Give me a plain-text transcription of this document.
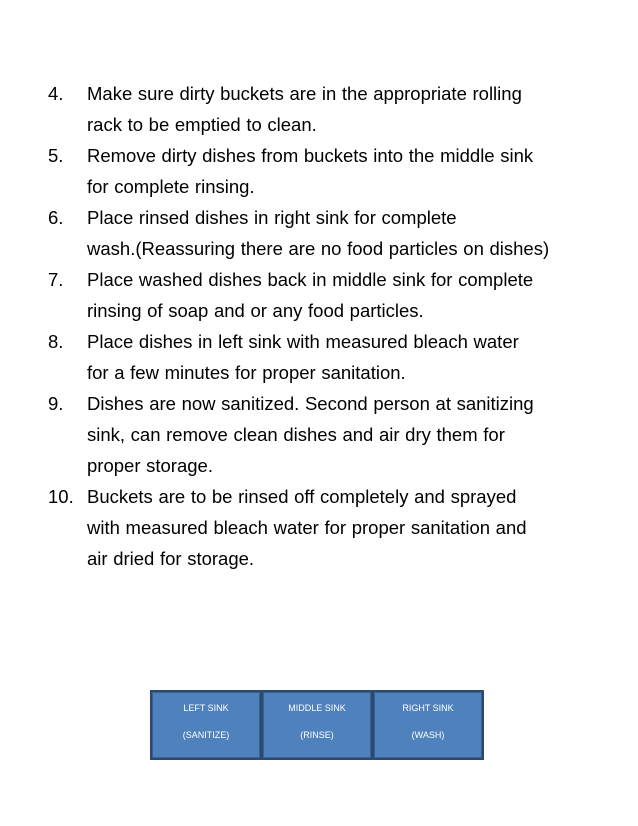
4. Make sure dirty buckets are in the appropriate rolling
rack to be emptied to clean.
5. Remove dirty dishes from buckets into the middle sink
for complete rinsing.
6. Place rinsed dishes in right sink for complete
wash.(Reassuring there are no food particles on dishes)
7. Place washed dishes back in middle sink for complete
rinsing of soap and or any food particles.
8. Place dishes in left sink with measured bleach water
for a few minutes for proper sanitation.
9. Dishes are now sanitized. Second person at sanitizing
sink, can remove clean dishes and air dry them for
proper storage.
10. Buckets are to be rinsed off completely and sprayed
with measured bleach water for proper sanitation and
air dried for storage.
LEFT SINK
(SANITIZE)
MIDDLE SINK
(RINSE)
RIGHT SINK
(WASH)
